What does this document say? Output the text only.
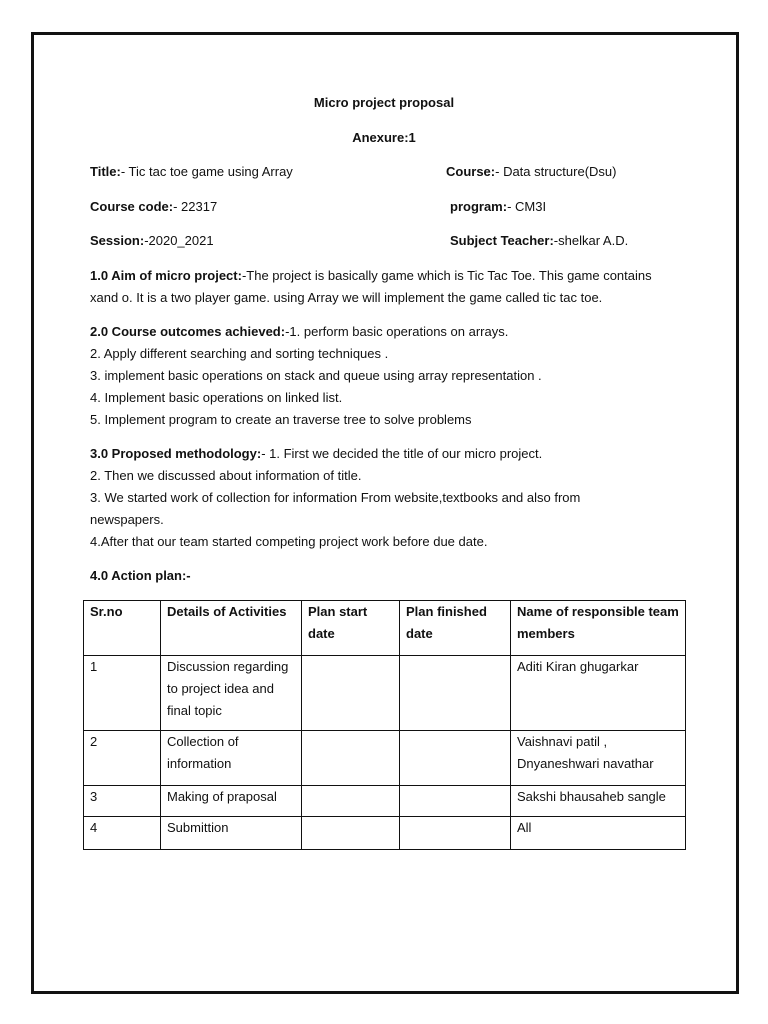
Micro project proposal
Anexure:1
Title:- Tic tac toe game using Array	Course:- Data structure(Dsu)
Course code:- 22317	program:- CM3I
Session:-2020_2021	Subject Teacher:-shelkar A.D.
1.0 Aim of micro project:-The project is basically game which is Tic Tac Toe. This game contains
xand o. It is a two player game. using Array we will implement the game called tic tac toe.
2.0 Course outcomes achieved:-1. perform basic operations on arrays.
2. Apply different searching and sorting techniques .
3. implement basic operations on stack and queue using array representation .
4. Implement basic operations on linked list.
5. Implement program to create an traverse tree to solve problems
3.0 Proposed methodology:- 1. First we decided the title of our micro project.
2. Then we discussed about information of title.
3. We started work of collection for information From website,textbooks and also from
newspapers.
4.After that our team started competing project work before due date.
4.0 Action plan:-
Sr.no	Details of Activities	Plan start date	Plan finished date	Name of responsible team members
1	Discussion regarding to project idea and final topic			Aditi Kiran ghugarkar
2	Collection of information			Vaishnavi patil , Dnyaneshwari navathar
3	Making of praposal			Sakshi bhausaheb sangle
4	Submittion			All
